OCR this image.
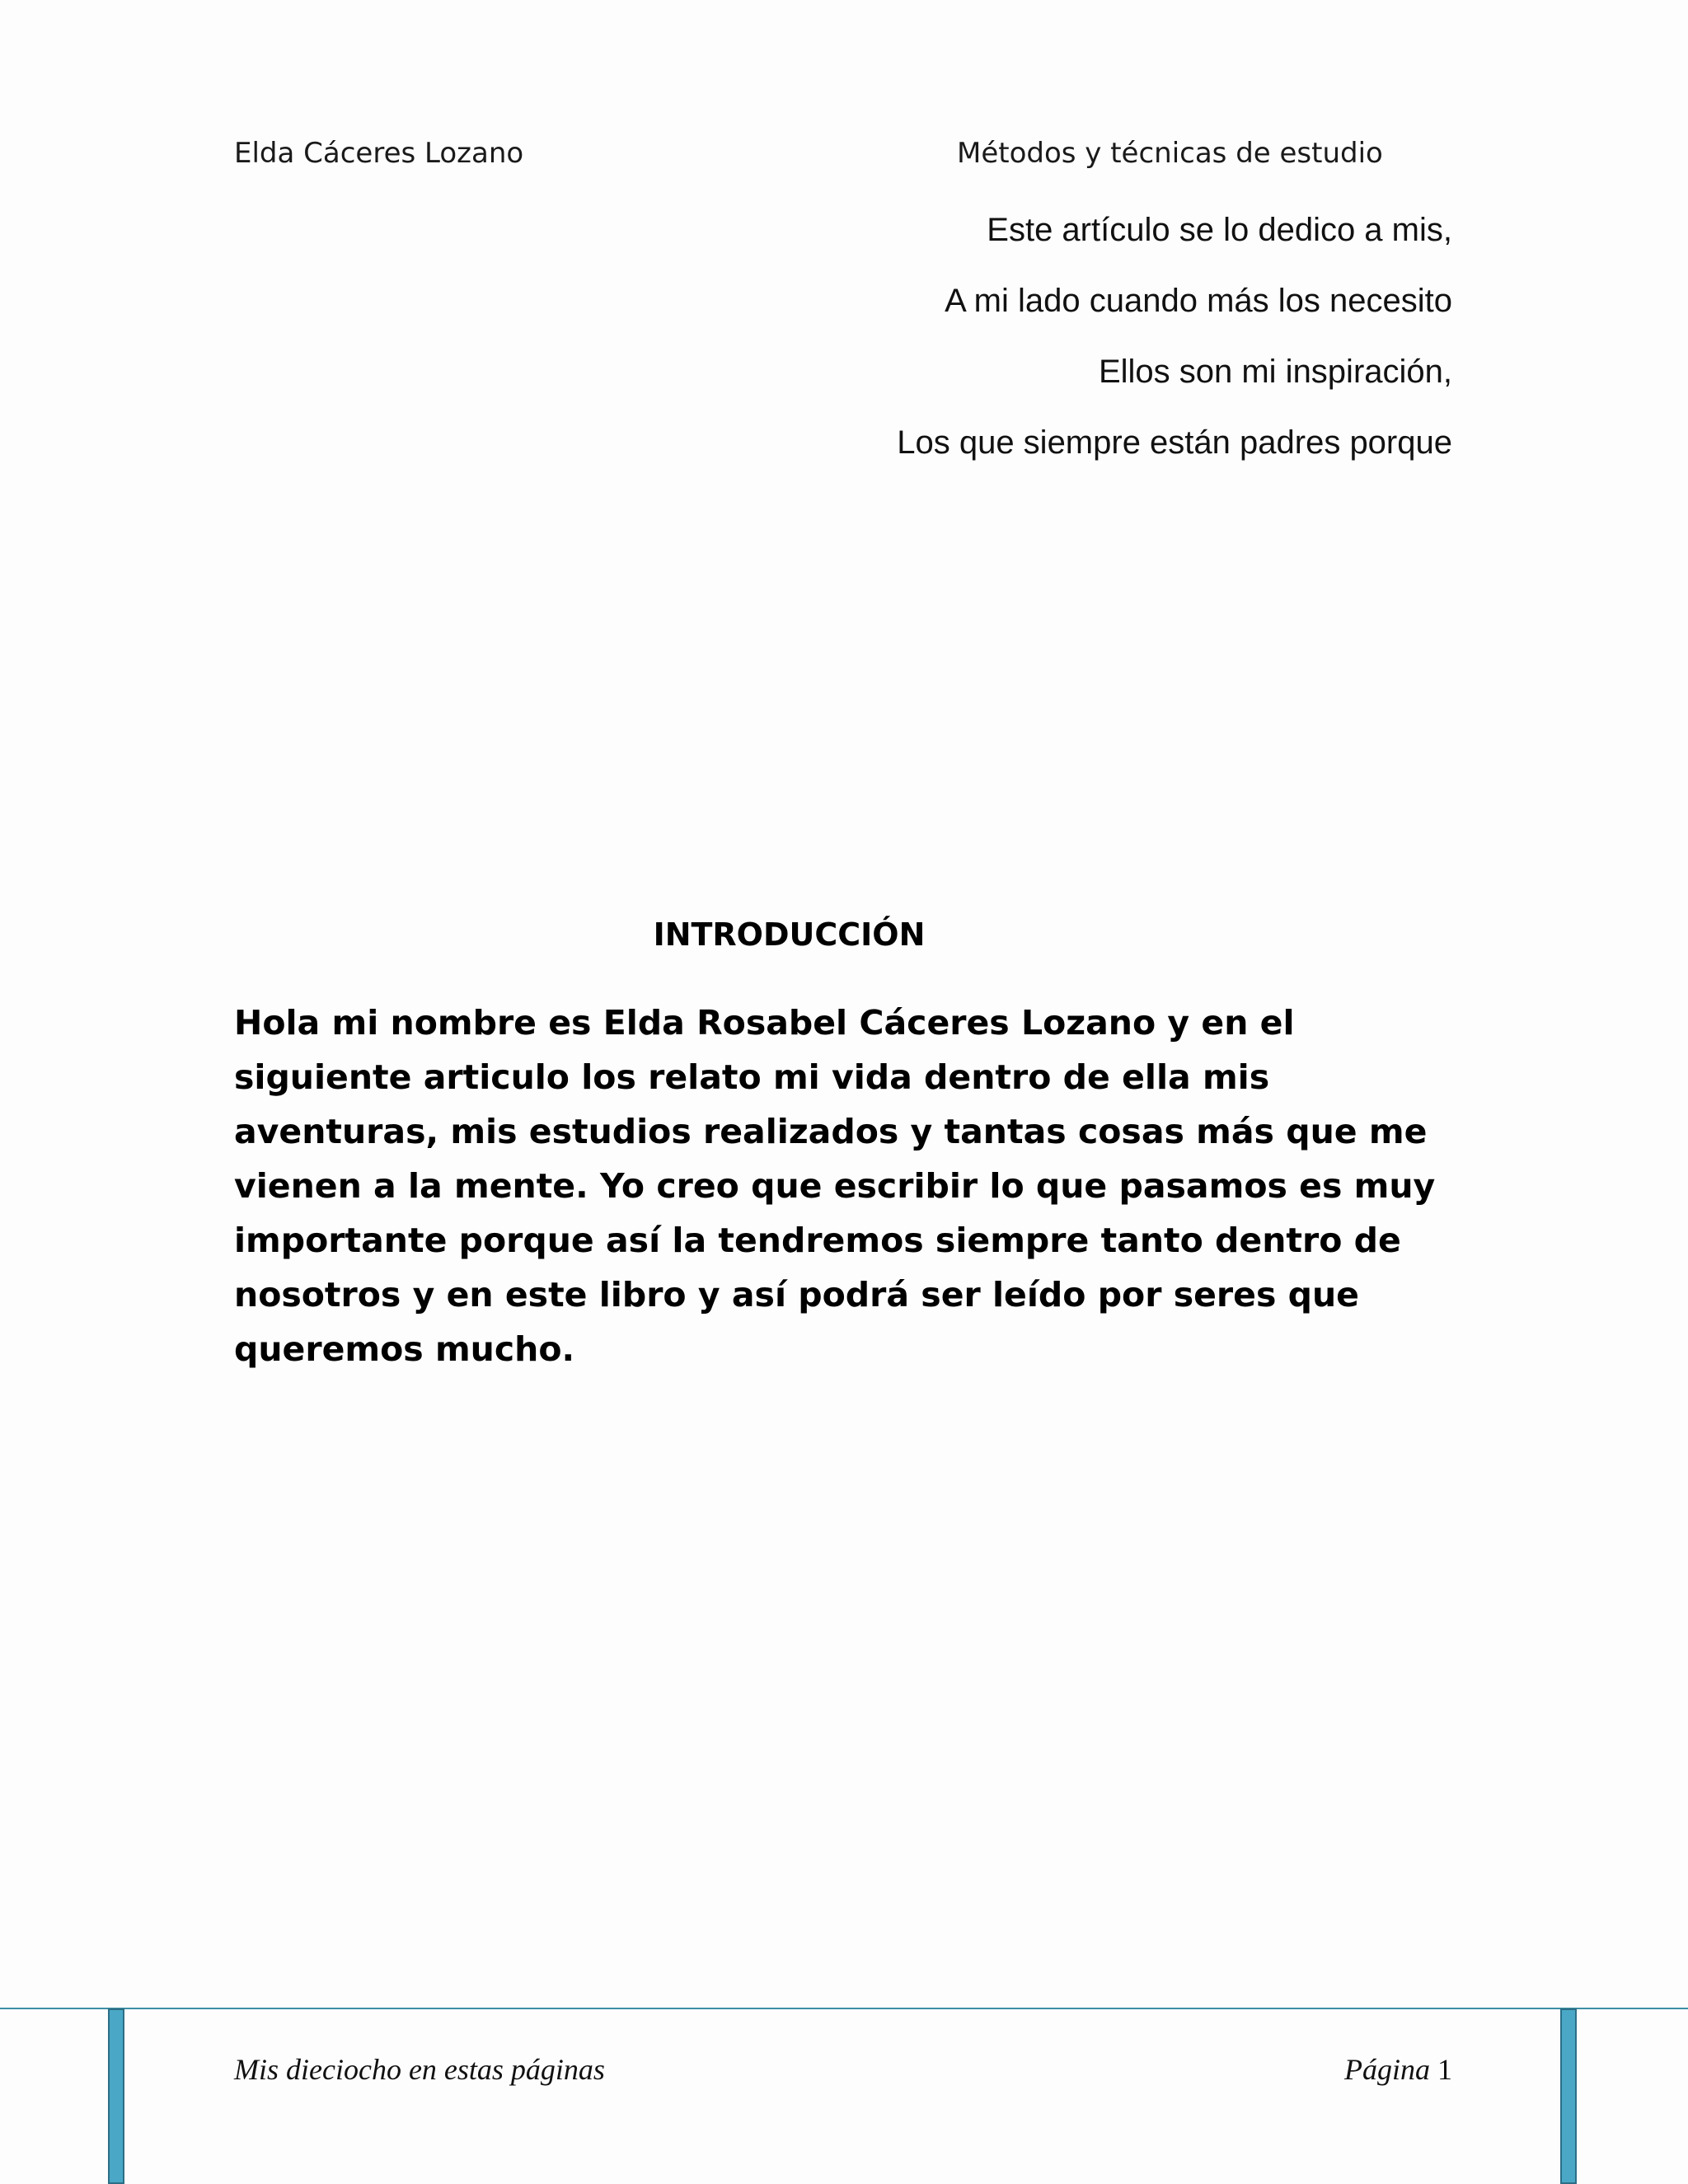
Elda Cáceres Lozano	Métodos y técnicas de estudio
Este artículo se lo dedico a mis,
A mi lado cuando más los necesito
Ellos son mi inspiración,
Los que siempre están padres porque
INTRODUCCIÓN
Hola mi nombre es Elda Rosabel Cáceres Lozano y en el siguiente articulo los relato mi vida dentro de ella mis aventuras, mis estudios realizados y tantas cosas más que me vienen a la mente. Yo creo que escribir lo que pasamos es muy importante porque así la tendremos siempre tanto dentro de nosotros y en este libro y así podrá ser leído por seres que queremos mucho.
Mis dieciocho en estas páginas	Página 1
